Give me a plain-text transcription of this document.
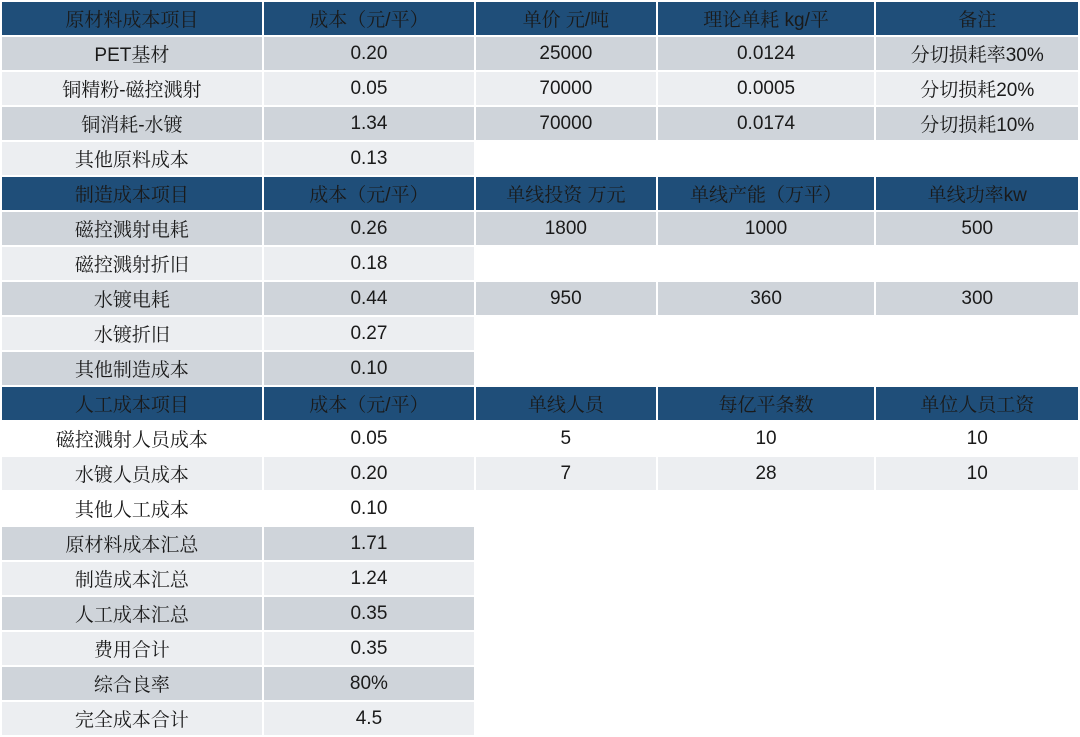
原材料成本项目	成本（元/平）	单价 元/吨	理论单耗 kg/平	备注
PET基材	0.20	25000	0.0124	分切损耗率30%
铜精粉-磁控溅射	0.05	70000	0.0005	分切损耗20%
铜消耗-水镀	1.34	70000	0.0174	分切损耗10%
其他原料成本	0.13			
制造成本项目	成本（元/平）	单线投资 万元	单线产能（万平）	单线功率kw
磁控溅射电耗	0.26	1800	1000	500
磁控溅射折旧	0.18			
水镀电耗	0.44	950	360	300
水镀折旧	0.27			
其他制造成本	0.10			
人工成本项目	成本（元/平）	单线人员	每亿平条数	单位人员工资
磁控溅射人员成本	0.05	5	10	10
水镀人员成本	0.20	7	28	10
其他人工成本	0.10			
原材料成本汇总	1.71			
制造成本汇总	1.24			
人工成本汇总	0.35			
费用合计	0.35			
综合良率	80%			
完全成本合计	4.5			
